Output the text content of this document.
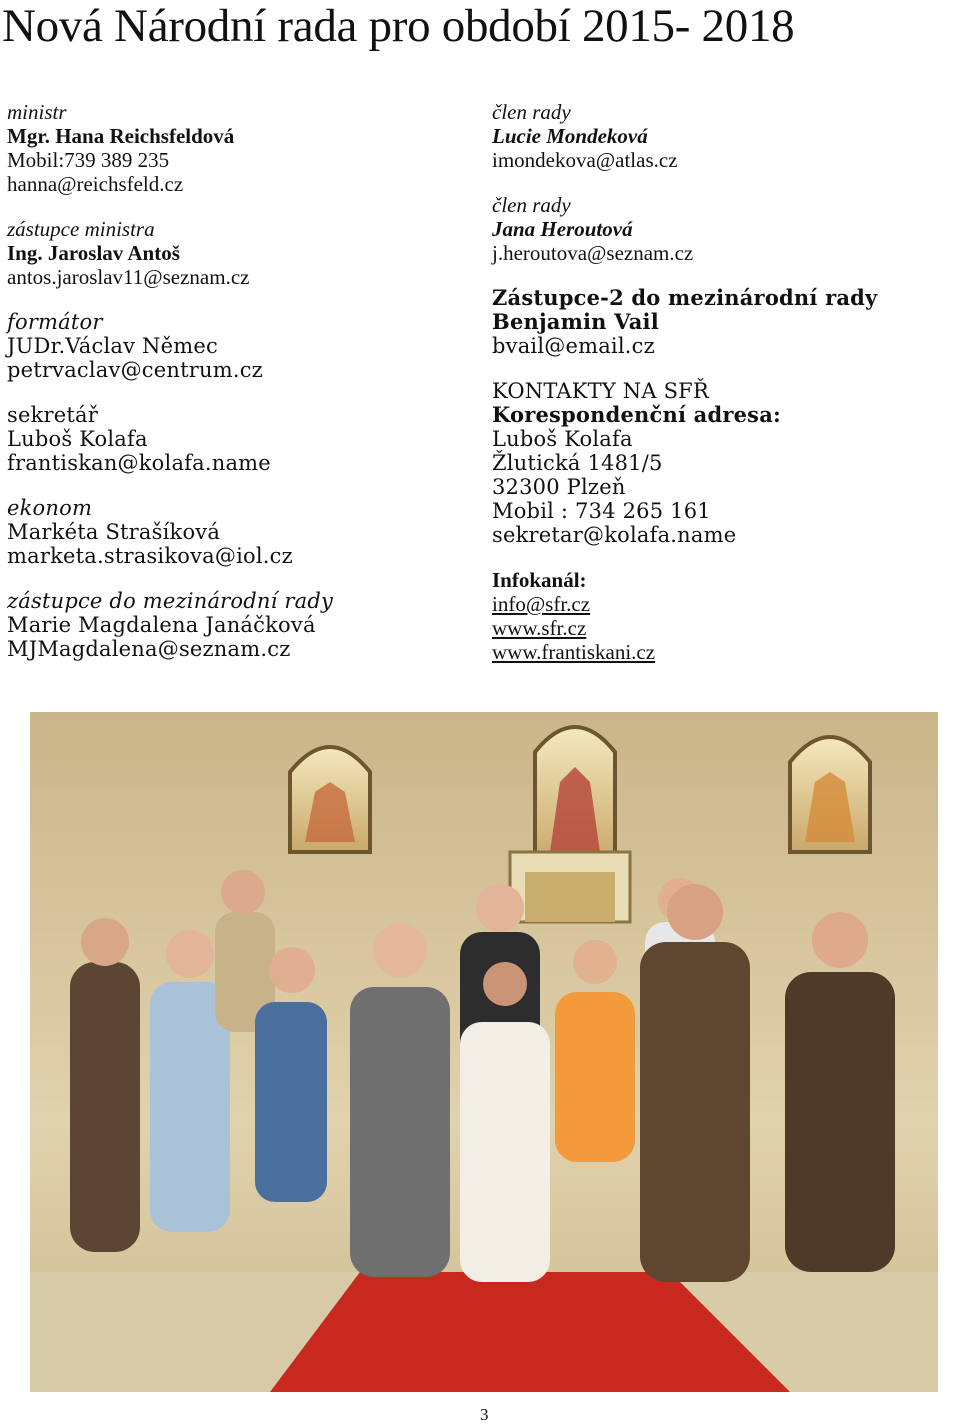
Nová Národní rada pro období 2015- 2018
ministr
Mgr. Hana Reichsfeldová
Mobil:739 389 235
hanna@reichsfeld.cz
zástupce ministra
Ing. Jaroslav Antoš
antos.jaroslav11@seznam.cz
formátor
JUDr.Václav Němec
petrvaclav@centrum.cz
sekretář
Luboš Kolafa
frantiskan@kolafa.name
ekonom
Markéta Strašíková
marketa.strasikova@iol.cz
zástupce do mezinárodní rady
Marie Magdalena Janáčková
MJMagdalena@seznam.cz
člen rady
Lucie Mondeková
imondekova@atlas.cz
člen rady
Jana Heroutová
j.heroutova@seznam.cz
Zástupce-2 do mezinárodní rady
Benjamin Vail
bvail@email.cz
KONTAKTY NA SFŘ
Korespondenční adresa:
Luboš Kolafa
Žlutická 1481/5
32300 Plzeň
Mobil : 734 265 161
sekretar@kolafa.name
Infokanál:
info@sfr.cz
www.sfr.cz
www.frantiskani.cz
3
